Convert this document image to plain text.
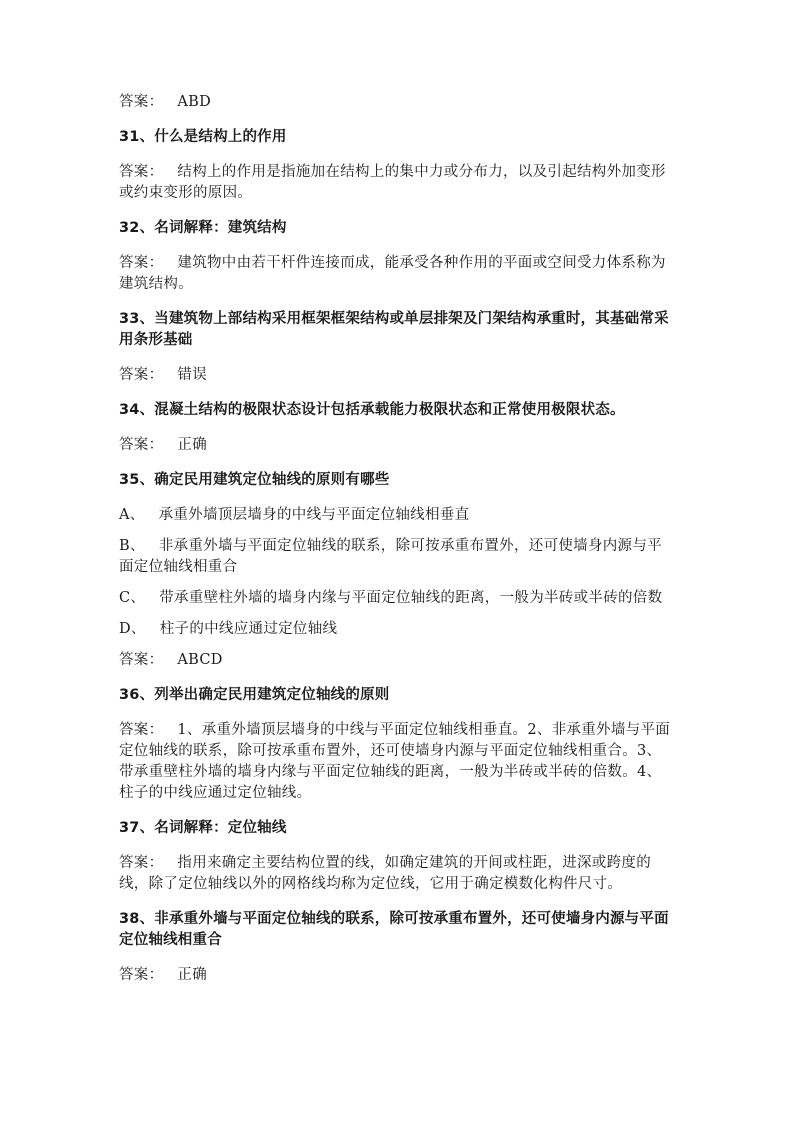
答案： ABD

31、什么是结构上的作用

答案： 结构上的作用是指施加在结构上的集中力或分布力，以及引起结构外加变形或约束变形的原因。

32、名词解释：建筑结构

答案： 建筑物中由若干杆件连接而成，能承受各种作用的平面或空间受力体系称为建筑结构。

33、当建筑物上部结构采用框架框架结构或单层排架及门架结构承重时，其基础常采用条形基础

答案： 错误

34、混凝土结构的极限状态设计包括承载能力极限状态和正常使用极限状态。

答案： 正确

35、确定民用建筑定位轴线的原则有哪些

A、 承重外墙顶层墙身的中线与平面定位轴线相垂直

B、 非承重外墙与平面定位轴线的联系，除可按承重布置外，还可使墙身内源与平面定位轴线相重合

C、 带承重壁柱外墙的墙身内缘与平面定位轴线的距离，一般为半砖或半砖的倍数

D、 柱子的中线应通过定位轴线

答案： ABCD

36、列举出确定民用建筑定位轴线的原则

答案： 1、承重外墙顶层墙身的中线与平面定位轴线相垂直。2、非承重外墙与平面定位轴线的联系，除可按承重布置外，还可使墙身内源与平面定位轴线相重合。3、带承重壁柱外墙的墙身内缘与平面定位轴线的距离，一般为半砖或半砖的倍数。4、柱子的中线应通过定位轴线。

37、名词解释：定位轴线

答案： 指用来确定主要结构位置的线，如确定建筑的开间或柱距，进深或跨度的线，除了定位轴线以外的网格线均称为定位线，它用于确定模数化构件尺寸。

38、非承重外墙与平面定位轴线的联系，除可按承重布置外，还可使墙身内源与平面定位轴线相重合

答案： 正确
